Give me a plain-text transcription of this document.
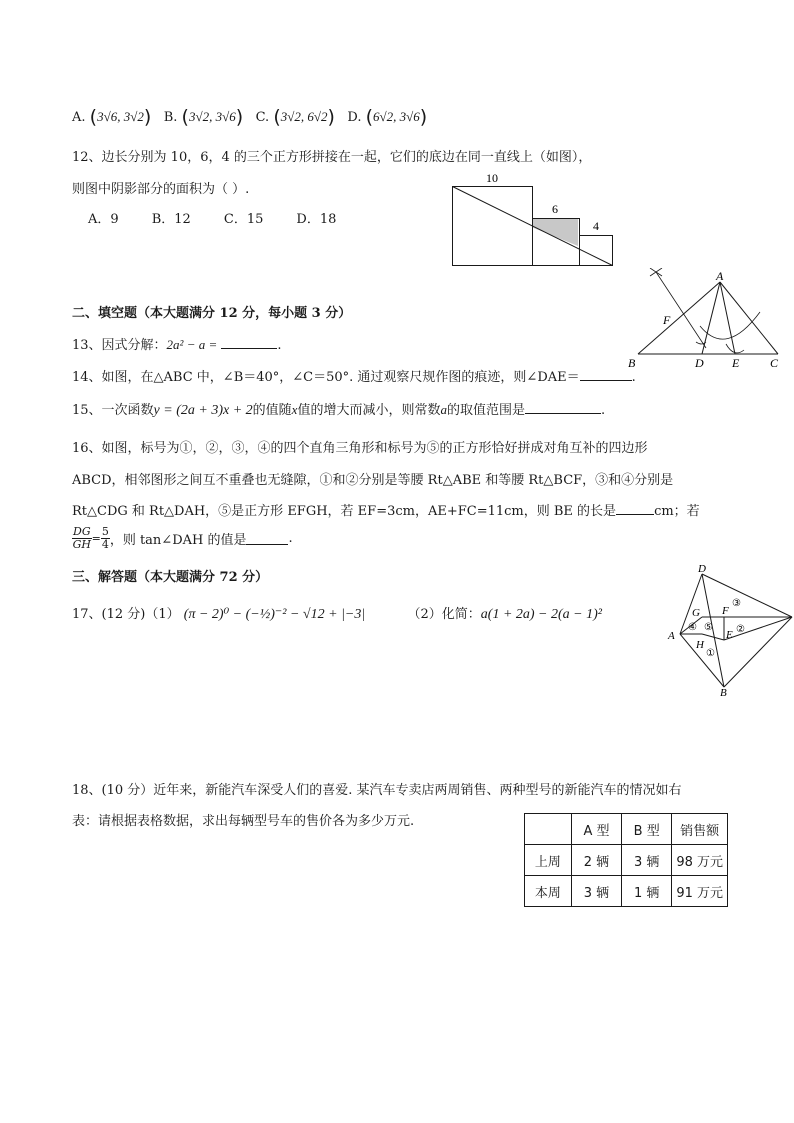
A. (3√6, 3√2) B. (3√2, 3√6) C. (3√2, 6√2) D. (6√2, 3√6)
12、边长分别为 10，6，4 的三个正方形拼接在一起，它们的底边在同一直线上（如图），
则图中阴影部分的面积为（ ）.
A．9        B．12        C．15        D．18
10
6
4
二、填空题（本大题满分 12 分，每小题 3 分）
A
B	C
D E
F
13、因式分解：2a² − a =	.
14、如图，在△ABC 中，∠B＝40°，∠C＝50°. 通过观察尺规作图的痕迹，则∠DAE＝	.
15、一次函数y = (2a + 3)x + 2的值随x值的增大而减小，则常数a的取值范围是	.
16、如图，标号为①，②，③，④的四个直角三角形和标号为⑤的正方形恰好拼成对角互补的四边形
ABCD，相邻图形之间互不重叠也无缝隙，①和②分别是等腰 Rt△ABE 和等腰 Rt△BCF，③和④分别是
Rt△CDG 和 Rt△DAH，⑤是正方形 EFGH，若 EF=3cm，AE+FC=11cm，则 BE 的长是	cm；若
$\frac{DG}{GH} = \frac{5}{4}$ ，则 tan∠DAH 的值是	.
D
G F
③
A
④ ⑤
E ②
H
①
B
三、解答题（本大题满分 72 分）
17、(12 分)（1） (π − 2)⁰ − (−½)⁻² − √12 + |−3|	（2）化简：a(1 + 2a) − 2(a − 1)²
18、(10 分）近年来，新能汽车深受人们的喜爱. 某汽车专卖店两周销售、两种型号的新能汽车的情况如右
表：请根据表格数据，求出每辆型号车的售价各为多少万元.
	A 型	B 型	销售额
上周	2 辆	3 辆	98 万元
本周	3 辆	1 辆	91 万元
